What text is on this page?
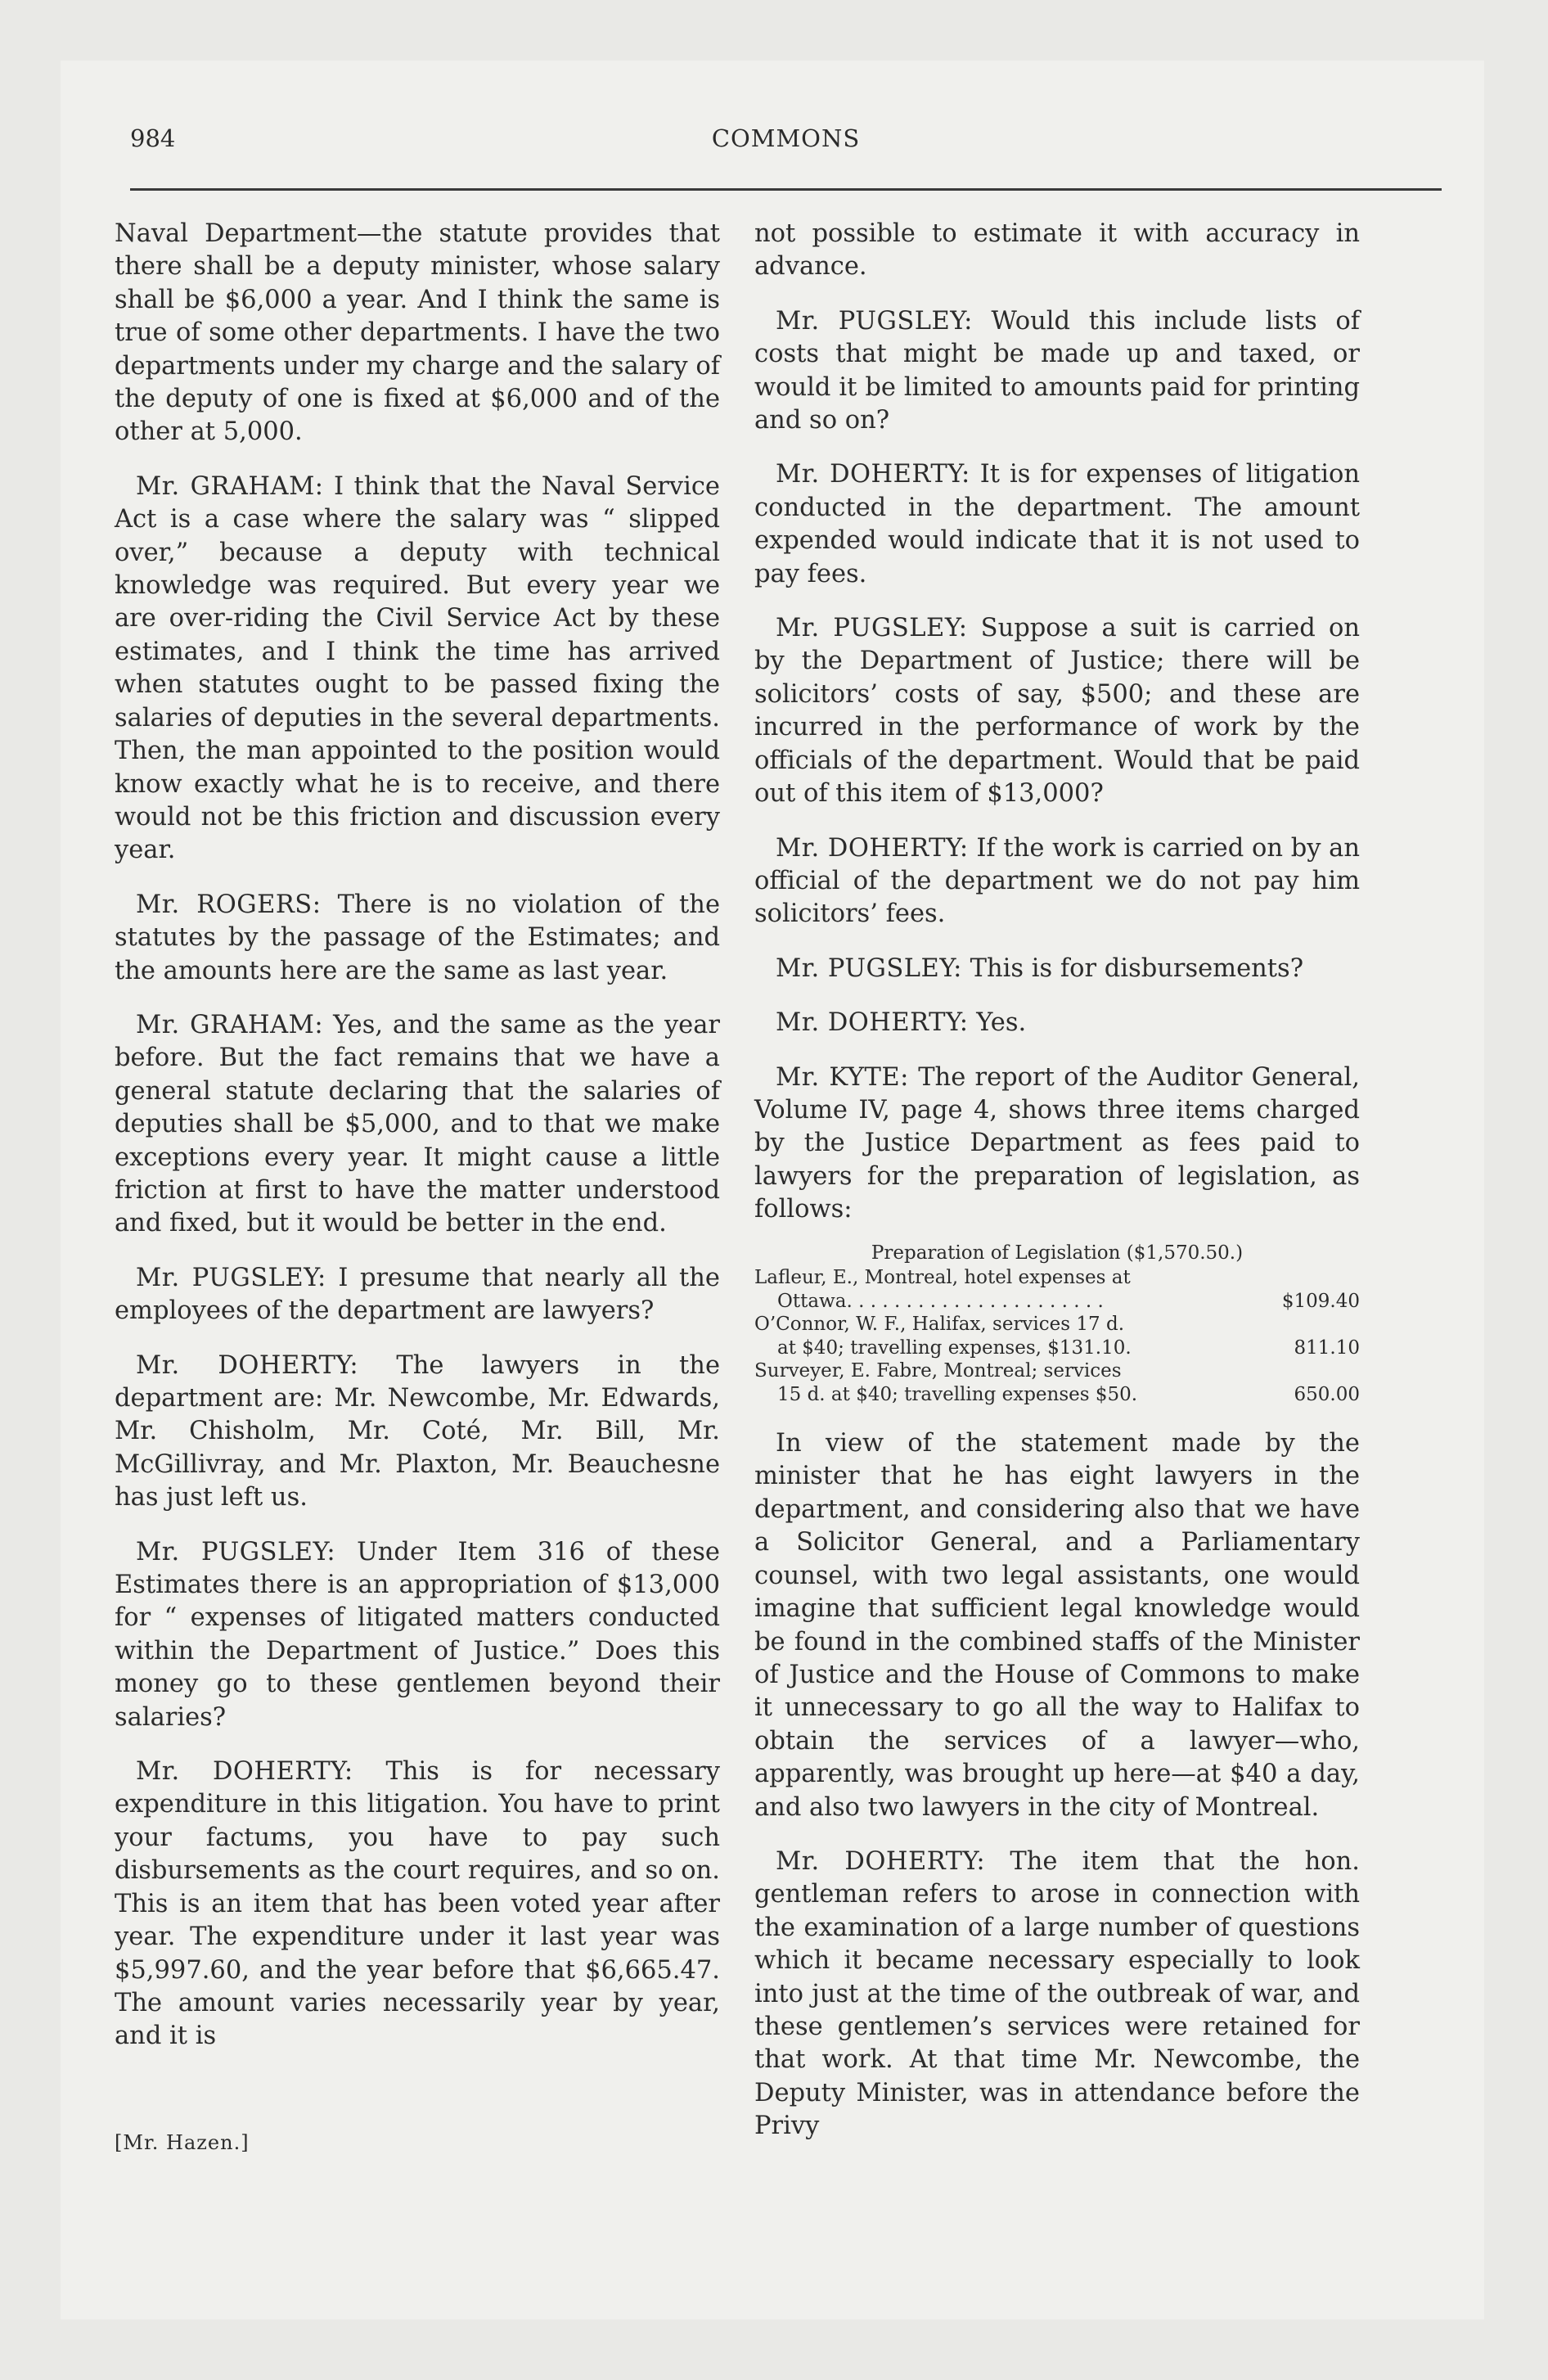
984	COMMONS

Naval Department—the statute provides that there shall be a deputy minister, whose salary shall be $6,000 a year. And I think the same is true of some other departments. I have the two departments under my charge and the salary of the deputy of one is fixed at $6,000 and of the other at 5,000.

Mr. GRAHAM: I think that the Naval Service Act is a case where the salary was “ slipped over,” because a deputy with technical knowledge was required. But every year we are over-riding the Civil Service Act by these estimates, and I think the time has arrived when statutes ought to be passed fixing the salaries of deputies in the several departments. Then, the man appointed to the position would know exactly what he is to receive, and there would not be this friction and discussion every year.

Mr. ROGERS: There is no violation of the statutes by the passage of the Estimates; and the amounts here are the same as last year.

Mr. GRAHAM: Yes, and the same as the year before. But the fact remains that we have a general statute declaring that the salaries of deputies shall be $5,000, and to that we make exceptions every year. It might cause a little friction at first to have the matter understood and fixed, but it would be better in the end.

Mr. PUGSLEY: I presume that nearly all the employees of the department are lawyers?

Mr. DOHERTY: The lawyers in the department are: Mr. Newcombe, Mr. Edwards, Mr. Chisholm, Mr. Coté, Mr. Bill, Mr. McGillivray, and Mr. Plaxton, Mr. Beauchesne has just left us.

Mr. PUGSLEY: Under Item 316 of these Estimates there is an appropriation of $13,000 for “ expenses of litigated matters conducted within the Department of Justice.” Does this money go to these gentlemen beyond their salaries?

Mr. DOHERTY: This is for necessary expenditure in this litigation. You have to print your factums, you have to pay such disbursements as the court requires, and so on. This is an item that has been voted year after year. The expenditure under it last year was $5,997.60, and the year before that $6,665.47. The amount varies necessarily year by year, and it is

not possible to estimate it with accuracy in advance.

Mr. PUGSLEY: Would this include lists of costs that might be made up and taxed, or would it be limited to amounts paid for printing and so on?

Mr. DOHERTY: It is for expenses of litigation conducted in the department. The amount expended would indicate that it is not used to pay fees.

Mr. PUGSLEY: Suppose a suit is carried on by the Department of Justice; there will be solicitors’ costs of say, $500; and these are incurred in the performance of work by the officials of the department. Would that be paid out of this item of $13,000?

Mr. DOHERTY: If the work is carried on by an official of the department we do not pay him solicitors’ fees.

Mr. PUGSLEY: This is for disbursements?

Mr. DOHERTY: Yes.

Mr. KYTE: The report of the Auditor General, Volume IV, page 4, shows three items charged by the Justice Department as fees paid to lawyers for the preparation of legislation, as follows:

Preparation of Legislation ($1,570.50.)
Lafleur, E., Montreal, hotel expenses at
Ottawa. . . . . . . . . . . . . . . . . . . . . .	$109.40
O’Connor, W. F., Halifax, services 17 d.
at $40; travelling expenses, $131.10.	811.10
Surveyer, E. Fabre, Montreal; services
15 d. at $40; travelling expenses $50.	650.00

In view of the statement made by the minister that he has eight lawyers in the department, and considering also that we have a Solicitor General, and a Parliamentary counsel, with two legal assistants, one would imagine that sufficient legal knowledge would be found in the combined staffs of the Minister of Justice and the House of Commons to make it unnecessary to go all the way to Halifax to obtain the services of a lawyer—who, apparently, was brought up here—at $40 a day, and also two lawyers in the city of Montreal.

Mr. DOHERTY: The item that the hon. gentleman refers to arose in connection with the examination of a large number of questions which it became necessary especially to look into just at the time of the outbreak of war, and these gentlemen’s services were retained for that work. At that time Mr. Newcombe, the Deputy Minister, was in attendance before the Privy

[Mr. Hazen.]
